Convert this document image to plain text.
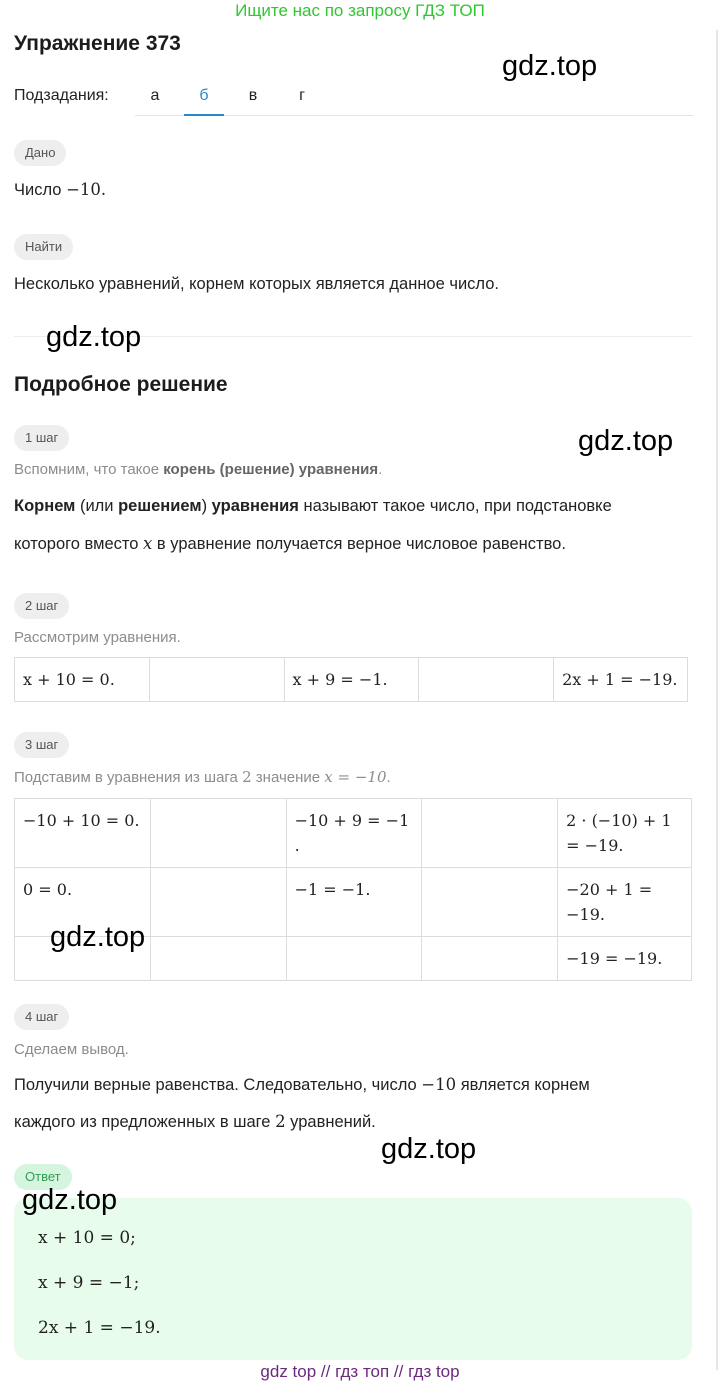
Ищите нас по запросу ГДЗ ТОП
Упражнение 373
gdz.top
Подзадания:	а	б	в	г
Дано
Число −10.
Найти
Несколько уравнений, корнем которых является данное число.
gdz.top
Подробное решение
1 шаг	gdz.top
Вспомним, что такое корень (решение) уравнения.
Корнем (или решением) уравнения называют такое число, при подстановке
которого вместо x в уравнение получается верное числовое равенство.
2 шаг
Рассмотрим уравнения.
x + 10 = 0.		x + 9 = −1.		2x + 1 = −19.
3 шаг
Подставим в уравнения из шага 2 значение x = −10.
−10 + 10 = 0.		−10 + 9 = −1 .		2 · (−10) + 1 = −19.
0 = 0.		−1 = −1.		−20 + 1 = −19.
				−19 = −19.
gdz.top
4 шаг
Сделаем вывод.
Получили верные равенства. Следовательно, число −10 является корнем
каждого из предложенных в шаге 2 уравнений.
gdz.top
Ответ
gdz.top
x + 10 = 0;
x + 9 = −1;
2x + 1 = −19.
gdz top // гдз топ // гдз top
